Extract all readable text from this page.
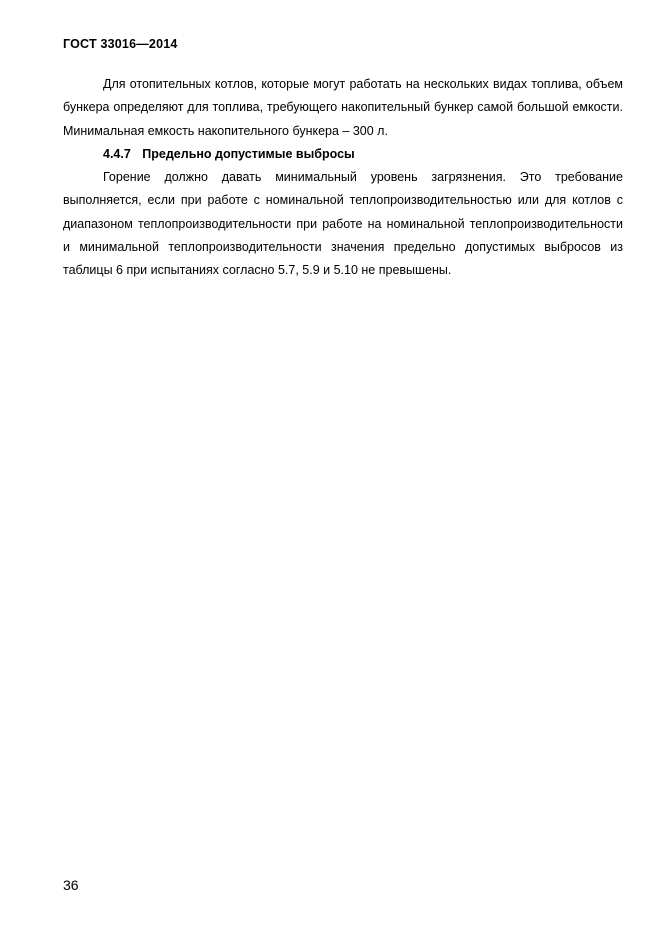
ГОСТ 33016—2014

Для отопительных котлов, которые могут работать на нескольких видах топлива, объем бункера определяют для топлива, требующего накопительный бункер самой большой емкости. Минимальная емкость накопительного бункера – 300 л.

4.4.7 Предельно допустимые выбросы

Горение должно давать минимальный уровень загрязнения. Это требование выполняется, если при работе с номинальной теплопроизводительностью или для котлов с диапазоном теплопроизводительности при работе на номинальной теплопроизводительности и минимальной теплопроизводительности значения предельно допустимых выбросов из таблицы 6 при испытаниях согласно 5.7, 5.9 и 5.10 не превышены.

36
